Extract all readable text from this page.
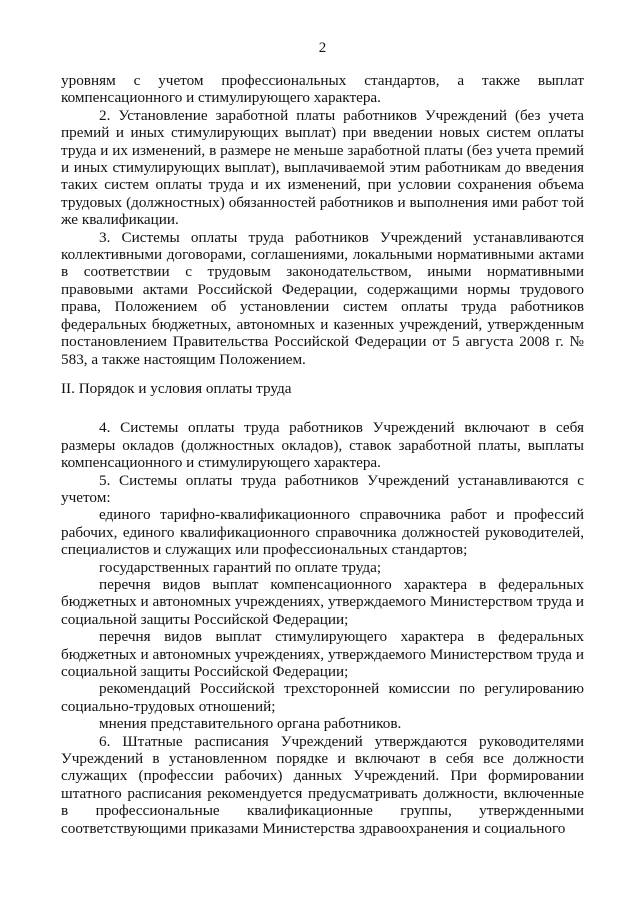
2

уровням с учетом профессиональных стандартов, а также выплат компенсационного и стимулирующего характера.

2. Установление заработной платы работников Учреждений (без учета премий и иных стимулирующих выплат) при введении новых систем оплаты труда и их изменений, в размере не меньше заработной платы (без учета премий и иных стимулирующих выплат), выплачиваемой этим работникам до введения таких систем оплаты труда и их изменений, при условии сохранения объема трудовых (должностных) обязанностей работников и выполнения ими работ той же квалификации.

3. Системы оплаты труда работников Учреждений устанавливаются коллективными договорами, соглашениями, локальными нормативными актами в соответствии с трудовым законодательством, иными нормативными правовыми актами Российской Федерации, содержащими нормы трудового права, Положением об установлении систем оплаты труда работников федеральных бюджетных, автономных и казенных учреждений, утвержденным постановлением Правительства Российской Федерации от 5 августа 2008 г. № 583, а также настоящим Положением.

II. Порядок и условия оплаты труда

4. Системы оплаты труда работников Учреждений включают в себя размеры окладов (должностных окладов), ставок заработной платы, выплаты компенсационного и стимулирующего характера.

5. Системы оплаты труда работников Учреждений устанавливаются с учетом:

единого тарифно-квалификационного справочника работ и профессий рабочих, единого квалификационного справочника должностей руководителей, специалистов и служащих или профессиональных стандартов;

государственных гарантий по оплате труда;

перечня видов выплат компенсационного характера в федеральных бюджетных и автономных учреждениях, утверждаемого Министерством труда и социальной защиты Российской Федерации;

перечня видов выплат стимулирующего характера в федеральных бюджетных и автономных учреждениях, утверждаемого Министерством труда и социальной защиты Российской Федерации;

рекомендаций Российской трехсторонней комиссии по регулированию социально-трудовых отношений;

мнения представительного органа работников.

6. Штатные расписания Учреждений утверждаются руководителями Учреждений в установленном порядке и включают в себя все должности служащих (профессии рабочих) данных Учреждений. При формировании штатного расписания рекомендуется предусматривать должности, включенные в профессиональные квалификационные группы, утвержденными соответствующими приказами Министерства здравоохранения и социального
